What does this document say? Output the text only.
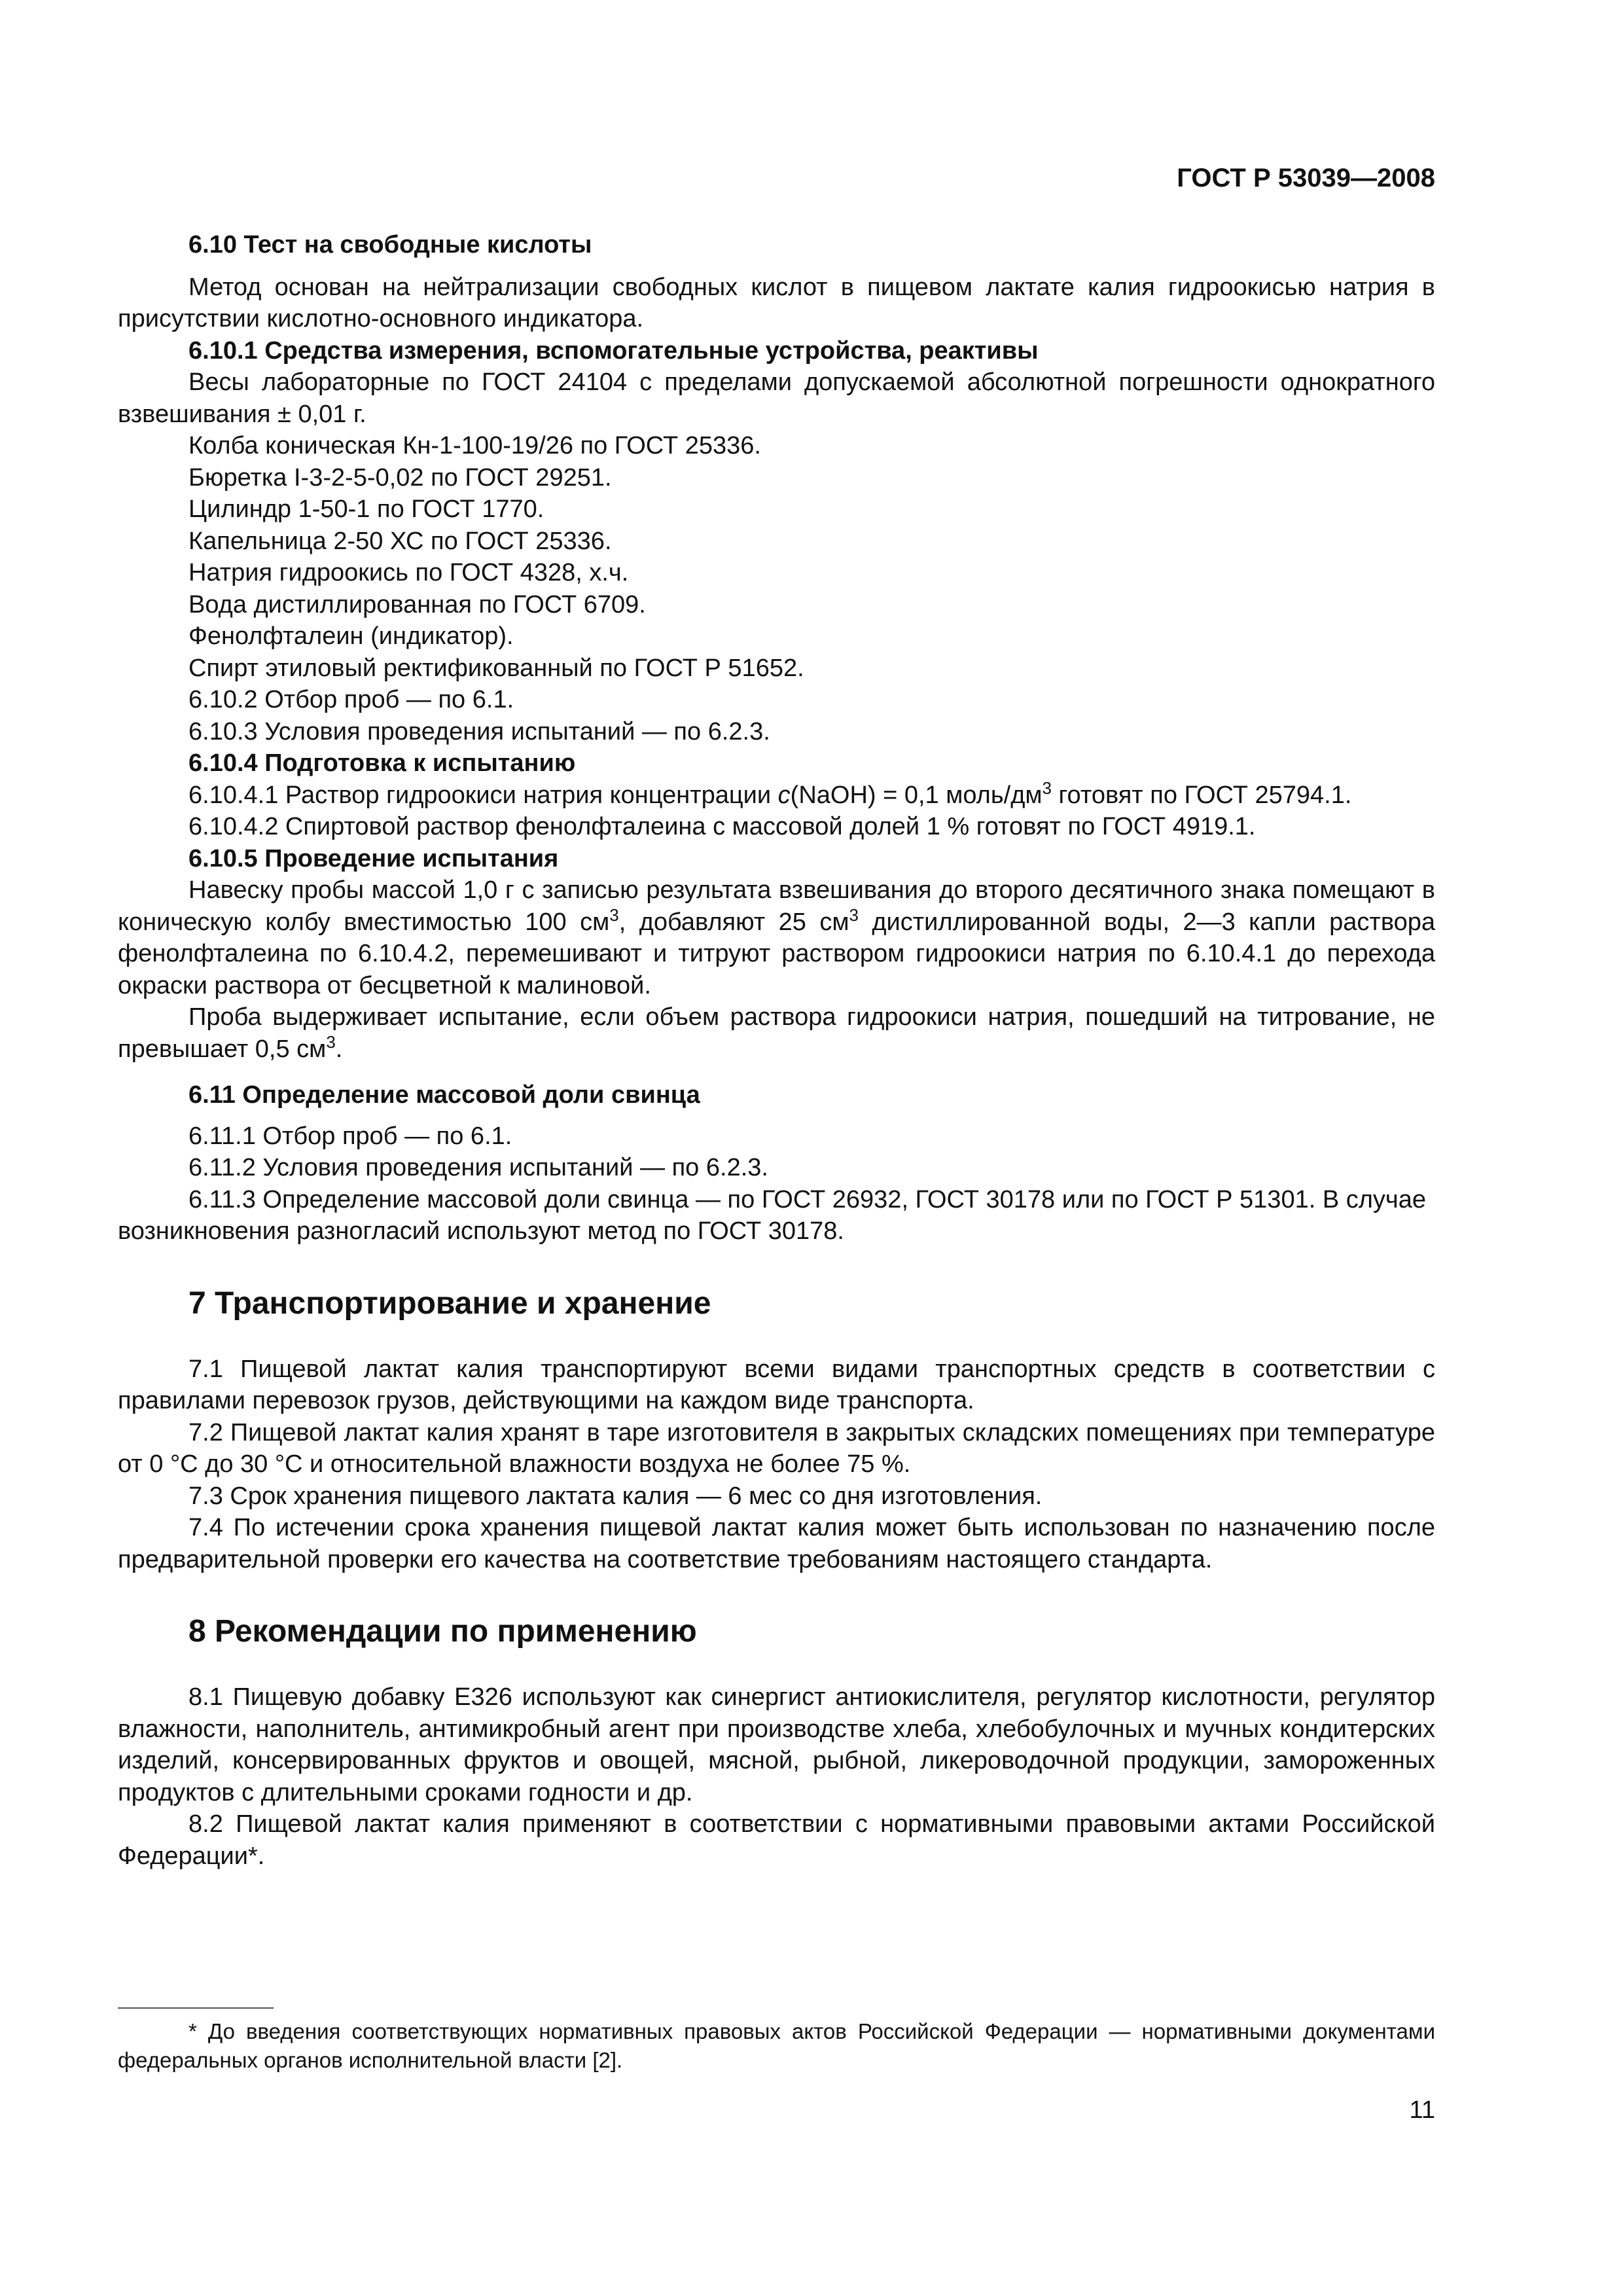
ГОСТ Р 53039—2008

6.10 Тест на свободные кислоты

Метод основан на нейтрализации свободных кислот в пищевом лактате калия гидроокисью натрия в присутствии кислотно-основного индикатора.

6.10.1 Средства измерения, вспомогательные устройства, реактивы

Весы лабораторные по ГОСТ 24104 с пределами допускаемой абсолютной погрешности однократного взвешивания ± 0,01 г.

Колба коническая Кн-1-100-19/26 по ГОСТ 25336.

Бюретка I-3-2-5-0,02 по ГОСТ 29251.

Цилиндр 1-50-1 по ГОСТ 1770.

Капельница 2-50 ХС по ГОСТ 25336.

Натрия гидроокись по ГОСТ 4328, х.ч.

Вода дистиллированная по ГОСТ 6709.

Фенолфталеин (индикатор).

Спирт этиловый ректификованный по ГОСТ Р 51652.

6.10.2 Отбор проб — по 6.1.

6.10.3 Условия проведения испытаний — по 6.2.3.

6.10.4 Подготовка к испытанию

6.10.4.1 Раствор гидроокиси натрия концентрации c(NaOH) = 0,1 моль/$дм^3$ готовят по ГОСТ 25794.1.

6.10.4.2 Спиртовой раствор фенолфталеина с массовой долей 1 % готовят по ГОСТ 4919.1.

6.10.5 Проведение испытания

Навеску пробы массой 1,0 г с записью результата взвешивания до второго десятичного знака помещают в коническую колбу вместимостью 100 $см^3$, добавляют 25 $см^3$ дистиллированной воды, 2—3 капли раствора фенолфталеина по 6.10.4.2, перемешивают и титруют раствором гидроокиси натрия по 6.10.4.1 до перехода окраски раствора от бесцветной к малиновой.

Проба выдерживает испытание, если объем раствора гидроокиси натрия, пошедший на титрование, не превышает 0,5 $см^3$.

6.11 Определение массовой доли свинца

6.11.1 Отбор проб — по 6.1.

6.11.2 Условия проведения испытаний — по 6.2.3.

6.11.3 Определение массовой доли свинца — по ГОСТ 26932, ГОСТ 30178 или по ГОСТ Р 51301. В случае возникновения разногласий используют метод по ГОСТ 30178.

7 Транспортирование и хранение

7.1 Пищевой лактат калия транспортируют всеми видами транспортных средств в соответствии с правилами перевозок грузов, действующими на каждом виде транспорта.

7.2 Пищевой лактат калия хранят в таре изготовителя в закрытых складских помещениях при температуре от 0 °С до 30 °С и относительной влажности воздуха не более 75 %.

7.3 Срок хранения пищевого лактата калия — 6 мес со дня изготовления.

7.4 По истечении срока хранения пищевой лактат калия может быть использован по назначению после предварительной проверки его качества на соответствие требованиям настоящего стандарта.

8 Рекомендации по применению

8.1 Пищевую добавку Е326 используют как синергист антиокислителя, регулятор кислотности, регулятор влажности, наполнитель, антимикробный агент при производстве хлеба, хлебобулочных и мучных кондитерских изделий, консервированных фруктов и овощей, мясной, рыбной, ликероводочной продукции, замороженных продуктов с длительными сроками годности и др.

8.2 Пищевой лактат калия применяют в соответствии с нормативными правовыми актами Российской Федерации*.

* До введения соответствующих нормативных правовых актов Российской Федерации — нормативными документами федеральных органов исполнительной власти [2].

11
